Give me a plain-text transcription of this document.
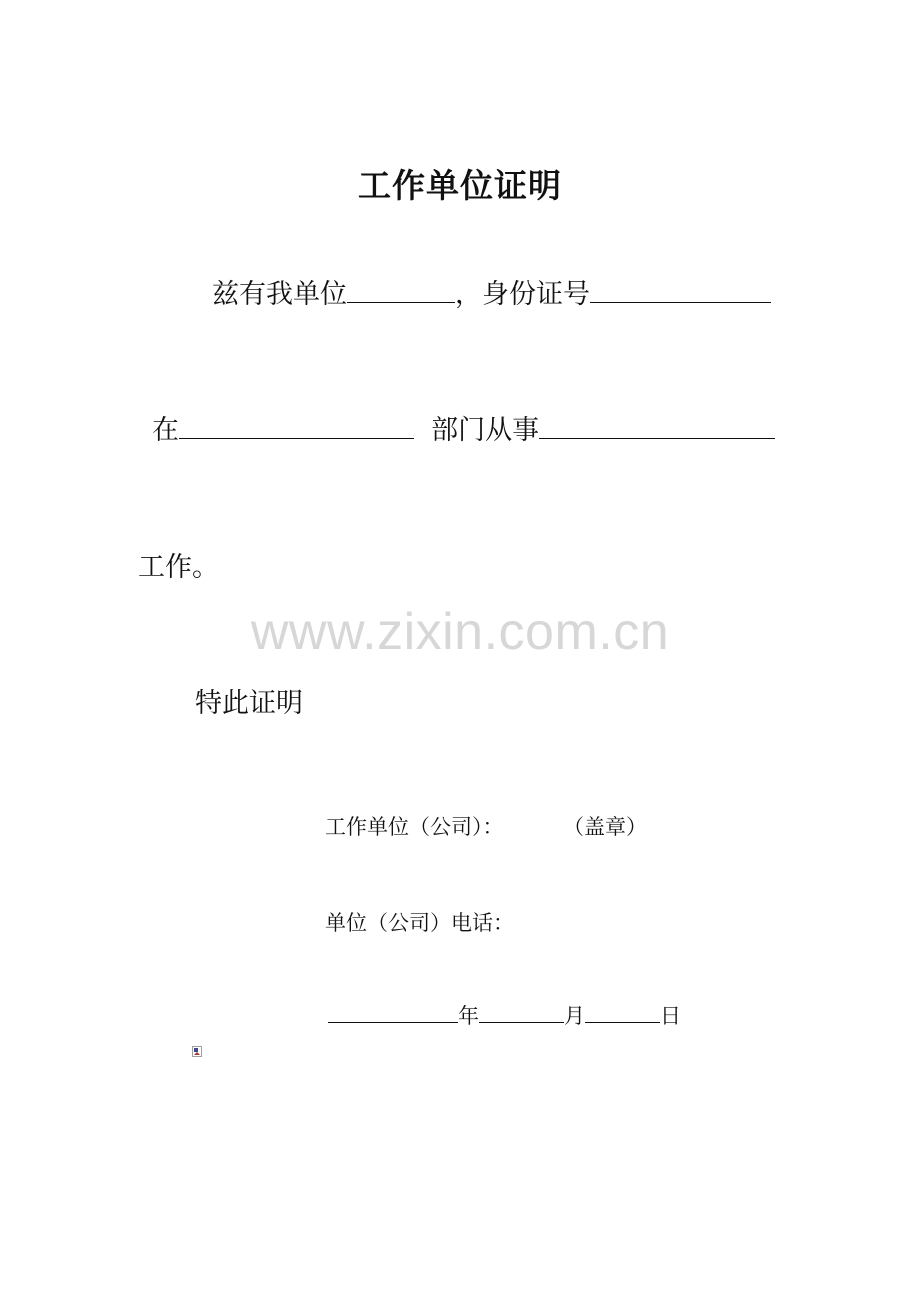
工作单位证明
兹有我单位	，身份证号
在	部门从事
工作。
www.zixin.com.cn
特此证明
工作单位（公司）：	（盖章）
单位（公司）电话：
年	月	日
